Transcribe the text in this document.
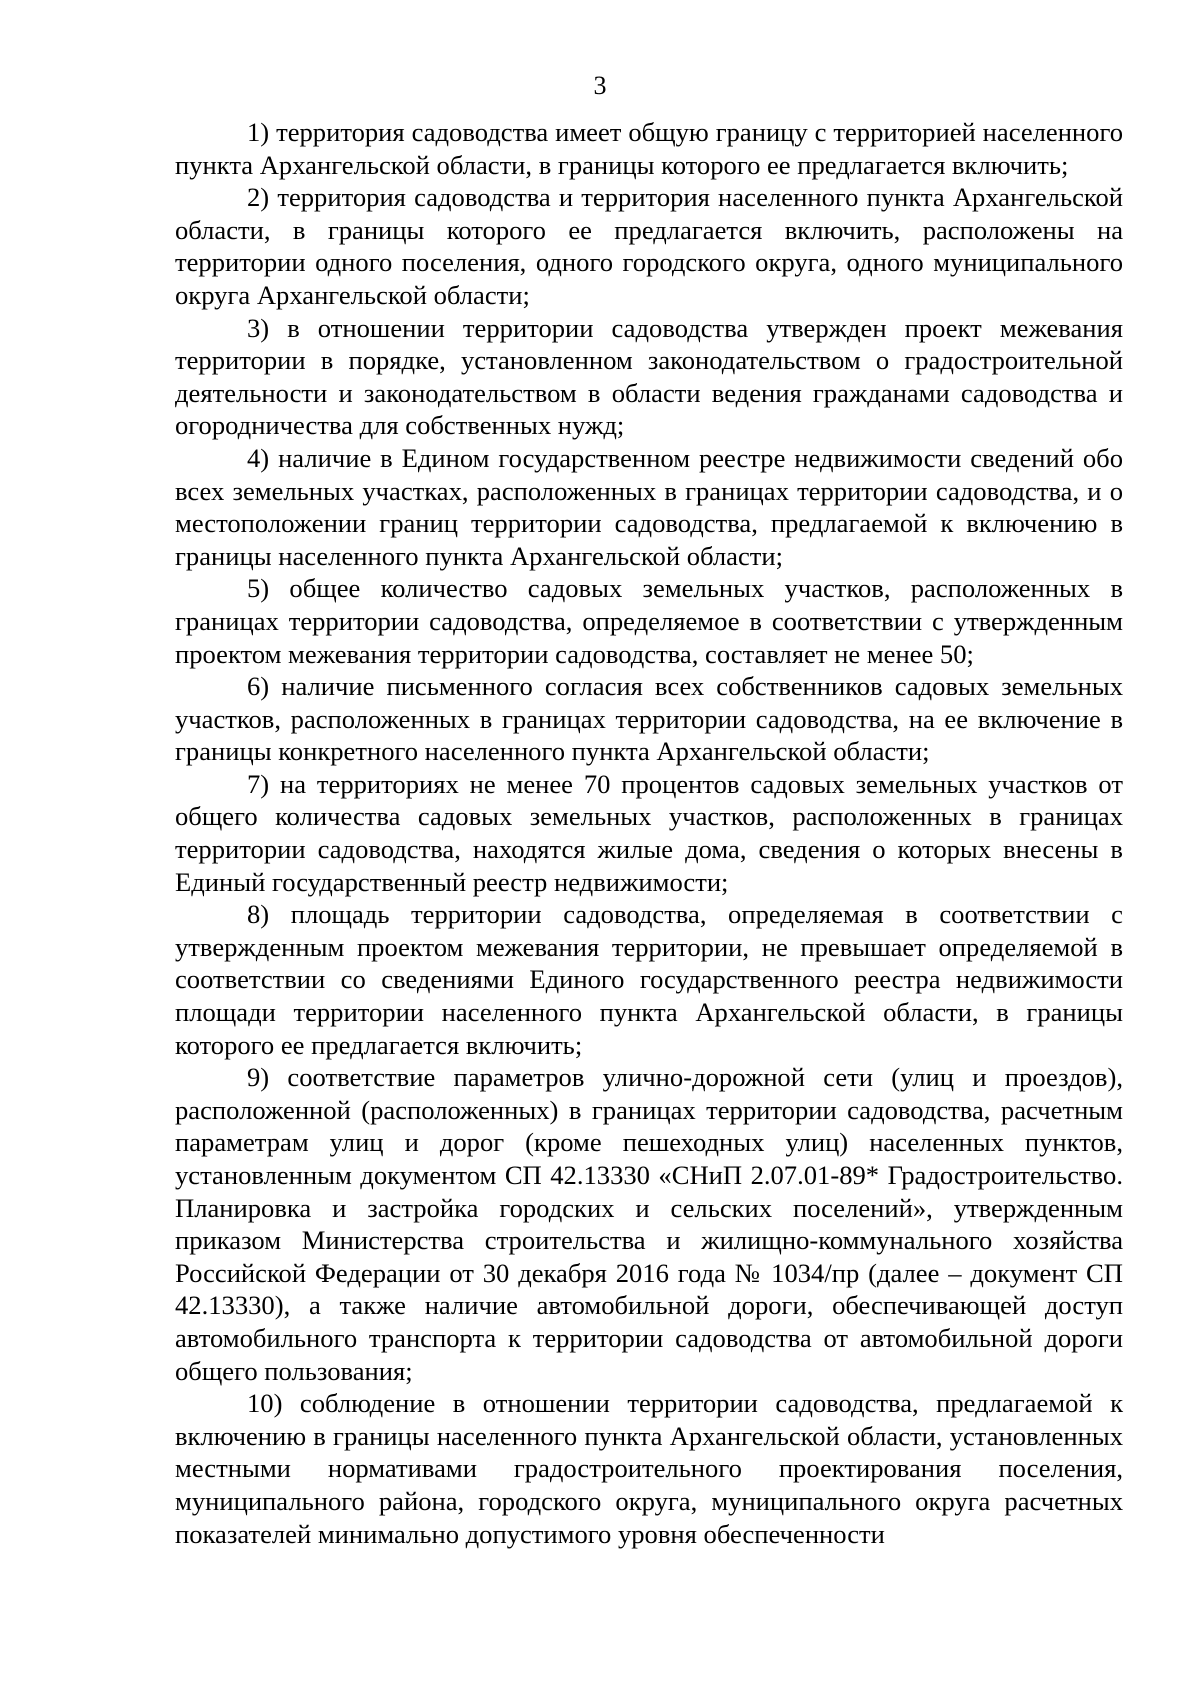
3

1) территория садоводства имеет общую границу с территорией населенного пункта Архангельской области, в границы которого ее предлагается включить;

2) территория садоводства и территория населенного пункта Архангельской области, в границы которого ее предлагается включить, расположены на территории одного поселения, одного городского округа, одного муниципального округа Архангельской области;

3) в отношении территории садоводства утвержден проект межевания территории в порядке, установленном законодательством о градостроительной деятельности и законодательством в области ведения гражданами садоводства и огородничества для собственных нужд;

4) наличие в Едином государственном реестре недвижимости сведений обо всех земельных участках, расположенных в границах территории садоводства, и о местоположении границ территории садоводства, предлагаемой к включению в границы населенного пункта Архангельской области;

5) общее количество садовых земельных участков, расположенных в границах территории садоводства, определяемое в соответствии с утвержденным проектом межевания территории садоводства, составляет не менее 50;

6) наличие письменного согласия всех собственников садовых земельных участков, расположенных в границах территории садоводства, на ее включение в границы конкретного населенного пункта Архангельской области;

7) на территориях не менее 70 процентов садовых земельных участков от общего количества садовых земельных участков, расположенных в границах территории садоводства, находятся жилые дома, сведения о которых внесены в Единый государственный реестр недвижимости;

8) площадь территории садоводства, определяемая в соответствии с утвержденным проектом межевания территории, не превышает определяемой в соответствии со сведениями Единого государственного реестра недвижимости площади территории населенного пункта Архангельской области, в границы которого ее предлагается включить;

9) соответствие параметров улично-дорожной сети (улиц и проездов), расположенной (расположенных) в границах территории садоводства, расчетным параметрам улиц и дорог (кроме пешеходных улиц) населенных пунктов, установленным документом СП 42.13330 «СНиП 2.07.01-89* Градостроительство. Планировка и застройка городских и сельских поселений», утвержденным приказом Министерства строительства и жилищно-коммунального хозяйства Российской Федерации от 30 декабря 2016 года № 1034/пр (далее – документ СП 42.13330), а также наличие автомобильной дороги, обеспечивающей доступ автомобильного транспорта к территории садоводства от автомобильной дороги общего пользования;

10) соблюдение в отношении территории садоводства, предлагаемой к включению в границы населенного пункта Архангельской области, установленных местными нормативами градостроительного проектирования поселения, муниципального района, городского округа, муниципального округа расчетных показателей минимально допустимого уровня обеспеченности
